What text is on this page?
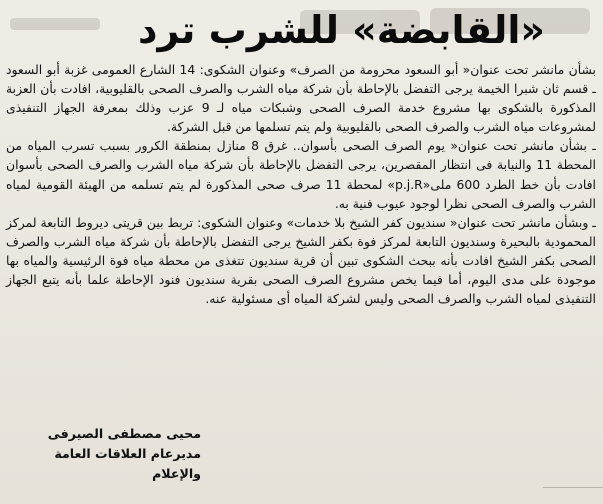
«القابضة» للشرب ترد

بشأن مانشر تحت عنوان« أبو السعود محرومة من الصرف» وعنوان الشكوى: 14 الشارع العمومى غزبة أبو السعود ـ قسم ثان شبرا الخيمة يرجى التفضل بالإحاطة بأن شركة مياه الشرب والصرف الصحى بالقليوبية، افادت بأن العزبة المذكورة بالشكوى بها مشروع خدمة الصرف الصحى وشبكات مياه لـ 9 عزب وذلك بمعرفة الجهاز التنفيذى لمشروعات مياه الشرب والصرف الصحى بالقليوبية ولم يتم تسلمها من قبل الشركة.

ـ بشأن مانشر تحت عنوان« يوم الصرف الصحى بأسوان.. غرق 8 منازل بمنطقة الكرور بسبب تسرب المياه من المحطة 11 والنيابة فى انتظار المقصرين، يرجى التفضل بالإحاطة بأن شركة مياه الشرب والصرف الصحى بأسوان افادت بأن خط الطرد 600 ملى«p.j.R» لمحطة 11 صرف صحى المذكورة لم يتم تسلمه من الهيئة القومية لمياه الشرب والصرف الصحى نظرا لوجود عيوب فنية به.

ـ وبشأن مانشر تحت عنوان« سنديون كفر الشيخ بلا خدمات» وعنوان الشكوى: تربط بين قريتى ديروط التابعة لمركز المحمودية بالبحيرة وسنديون التابعة لمركز فوة بكفر الشيخ يرجى التفضل بالإحاطة بأن شركة مياه الشرب والصرف الصحى بكفر الشيخ افادت بأنه ببحث الشكوى تبين أن قرية سنديون تتغذى من محطة مياه فوة الرئيسية والمياه بها موجودة على مدى اليوم، أما فيما يخص مشروع الصرف الصحى بقرية سنديون فنود الإحاطة علما بأنه يتبع الجهاز التنفيذى لمياه الشرب والصرف الصحى وليس لشركة المياه أى مسئولية عنه.

محيى مصطفى الصيرفى
مديرعام العلاقات العامة والإعلام
